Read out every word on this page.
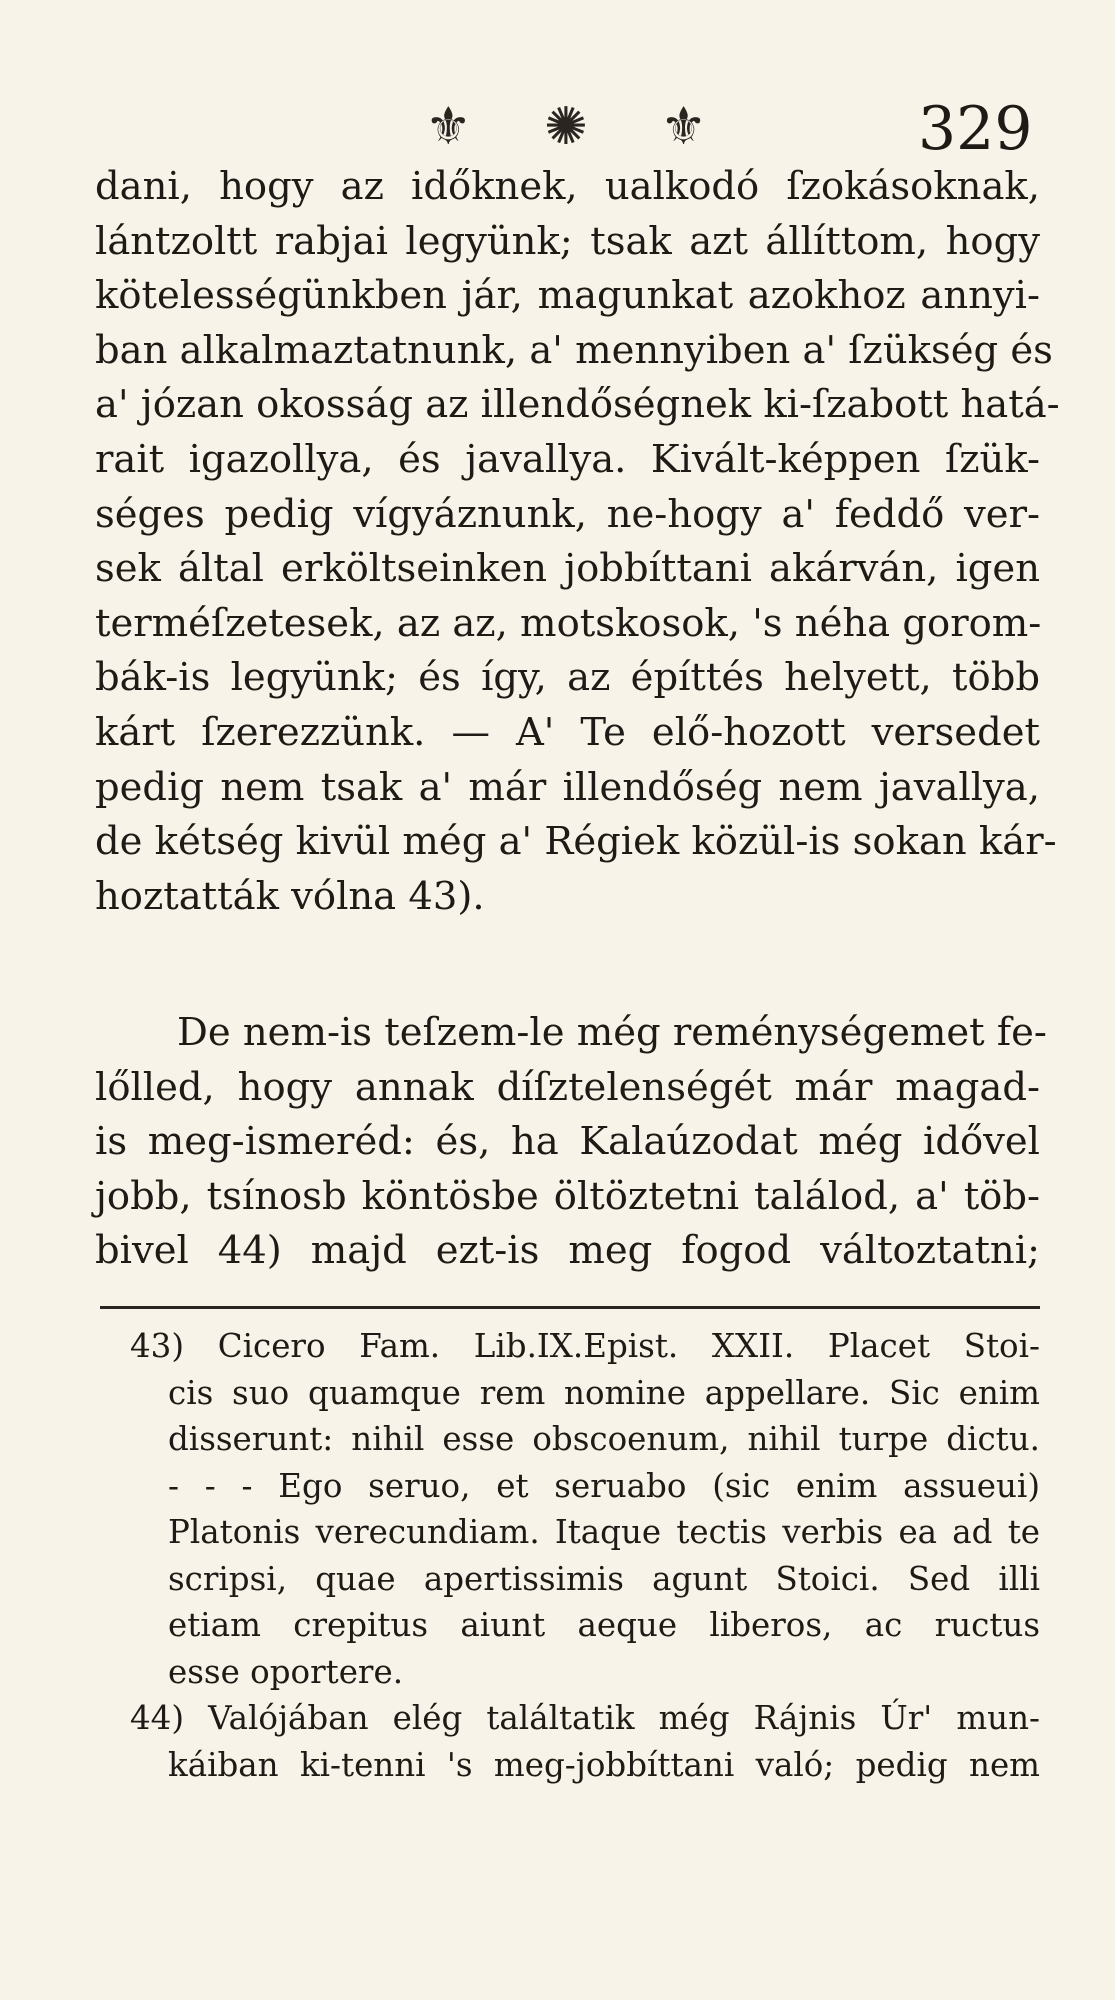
⚜ ✺ ⚜	329
dani, hogy az időknek, ualkodó ſzokásoknak,
lántzoltt rabjai legyünk; tsak azt állíttom, hogy
kötelességünkben jár, magunkat azokhoz annyi-
ban alkalmaztatnunk, a' mennyiben a' ſzükség és
a' józan okosság az illendőségnek ki-ſzabott hatá-
rait igazollya, és javallya. Kivált-képpen ſzük-
séges pedig vígyáznunk, ne-hogy a' feddő ver-
sek által erköltseinken jobbíttani akárván, igen
terméſzetesek, az az, motskosok, 's néha gorom-
bák-is legyünk; és így, az építtés helyett, több
kárt ſzerezzünk. — A' Te elő-hozott versedet
pedig nem tsak a' már illendőség nem javallya,
de kétség kivül még a' Régiek közül-is sokan kár-
hoztatták vólna 43).
De nem-is teſzem-le még reménységemet fe-
lőlled, hogy annak díſztelenségét már magad-
is meg-ismeréd: és, ha Kalaúzodat még idővel
jobb, tsínosb köntösbe öltöztetni találod, a' töb-
bivel 44) majd ezt-is meg fogod változtatni;
43) Cicero Fam. Lib.IX.Epist. XXII. Placet Stoi-
cis suo quamque rem nomine appellare. Sic enim
disserunt: nihil esse obscoenum, nihil turpe dictu.
- - - Ego seruo, et seruabo (sic enim assueui)
Platonis verecundiam. Itaque tectis verbis ea ad te
scripsi, quae apertissimis agunt Stoici. Sed illi
etiam crepitus aiunt aeque liberos, ac ructus
esse oportere.
44) Valójában elég találtatik még Rájnis Úr' mun-
káiban ki-tenni 's meg-jobbíttani való; pedig nem
